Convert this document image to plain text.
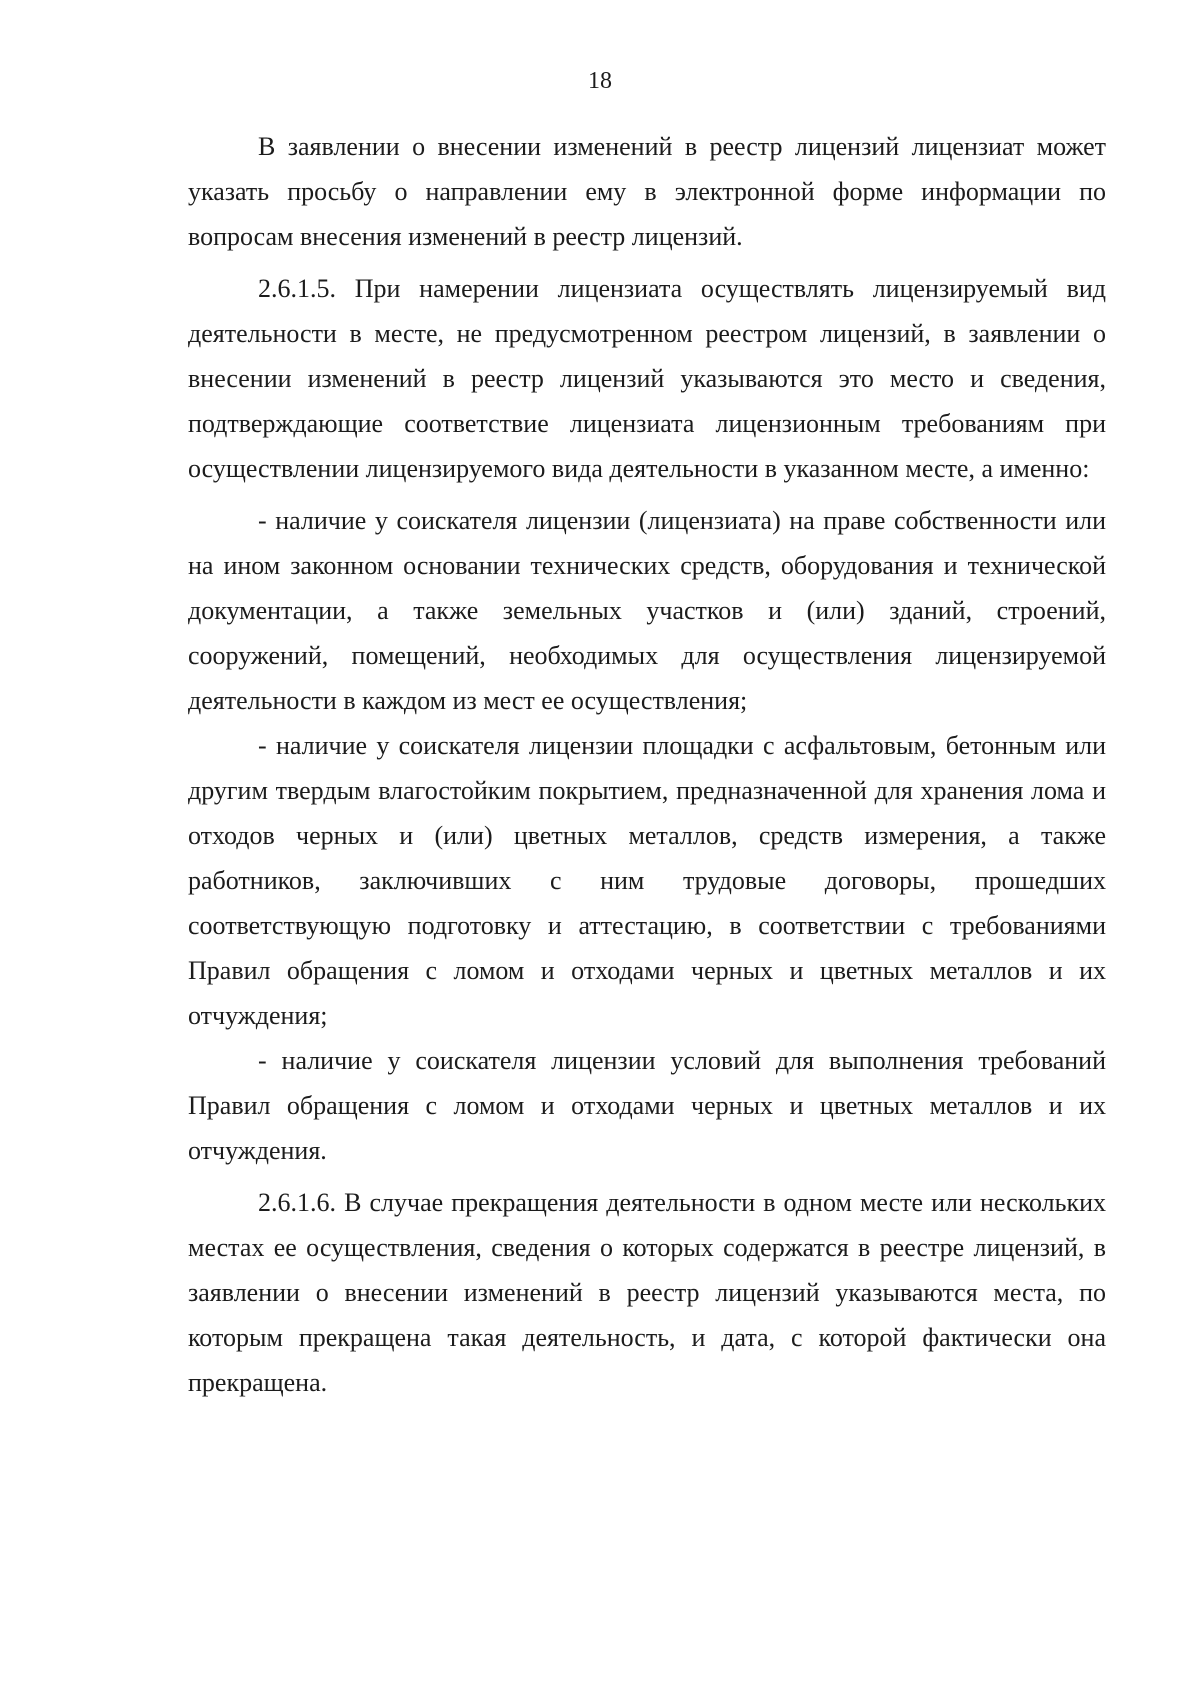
18

В заявлении о внесении изменений в реестр лицензий лицензиат может указать просьбу о направлении ему в электронной форме информации по вопросам внесения изменений в реестр лицензий.

2.6.1.5. При намерении лицензиата осуществлять лицензируемый вид деятельности в месте, не предусмотренном реестром лицензий, в заявлении о внесении изменений в реестр лицензий указываются это место и сведения, подтверждающие соответствие лицензиата лицензионным требованиям при осуществлении лицензируемого вида деятельности в указанном месте, а именно:

- наличие у соискателя лицензии (лицензиата) на праве собственности или на ином законном основании технических средств, оборудования и технической документации, а также земельных участков и (или) зданий, строений, сооружений, помещений, необходимых для осуществления лицензируемой деятельности в каждом из мест ее осуществления;

- наличие у соискателя лицензии площадки с асфальтовым, бетонным или другим твердым влагостойким покрытием, предназначенной для хранения лома и отходов черных и (или) цветных металлов, средств измерения, а также работников, заключивших с ним трудовые договоры, прошедших соответствующую подготовку и аттестацию, в соответствии с требованиями Правил обращения с ломом и отходами черных и цветных металлов и их отчуждения;

- наличие у соискателя лицензии условий для выполнения требований Правил обращения с ломом и отходами черных и цветных металлов и их отчуждения.

2.6.1.6. В случае прекращения деятельности в одном месте или нескольких местах ее осуществления, сведения о которых содержатся в реестре лицензий, в заявлении о внесении изменений в реестр лицензий указываются места, по которым прекращена такая деятельность, и дата, с которой фактически она прекращена.
